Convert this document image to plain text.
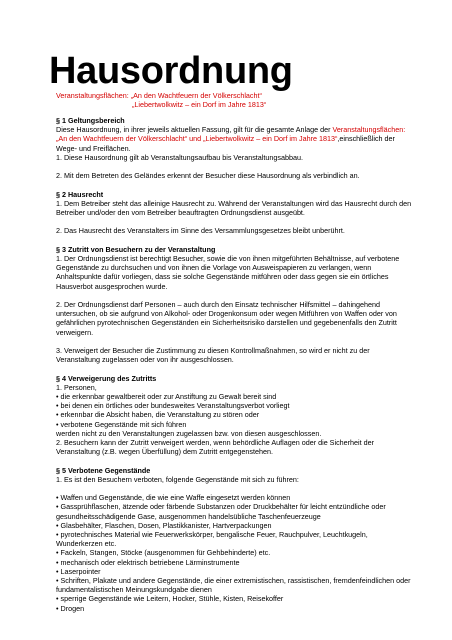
Hausordnung
Veranstaltungsflächen: „An den Wachtfeuern der Völkerschlacht“
„Liebertwolkwitz – ein Dorf im Jahre 1813“

§ 1 Geltungsbereich

Diese Hausordnung, in ihrer jeweils aktuellen Fassung, gilt für die gesamte Anlage der Veranstaltungsflächen: „An den Wachtfeuern der Völkerschlacht“ und „Liebertwolkwitz – ein Dorf im Jahre 1813“,einschließlich der Wege- und Freiflächen.

1. Diese Hausordnung gilt ab Veranstaltungsaufbau bis Veranstaltungsabbau.

2. Mit dem Betreten des Geländes erkennt der Besucher diese Hausordnung als verbindlich an.

§ 2 Hausrecht

1. Dem Betreiber steht das alleinige Hausrecht zu. Während der Veranstaltungen wird das Hausrecht durch den Betreiber und/oder den vom Betreiber beauftragten Ordnungsdienst ausgeübt.

2. Das Hausrecht des Veranstalters im Sinne des Versammlungsgesetzes bleibt unberührt.

§ 3 Zutritt von Besuchern zu der Veranstaltung

1. Der Ordnungsdienst ist berechtigt Besucher, sowie die von ihnen mitgeführten Behältnisse, auf verbotene Gegenstände zu durchsuchen und von ihnen die Vorlage von Ausweispapieren zu verlangen, wenn Anhaltspunkte dafür vorliegen, dass sie solche Gegenstände mitführen oder dass gegen sie ein örtliches Hausverbot ausgesprochen wurde.

2. Der Ordnungsdienst darf Personen – auch durch den Einsatz technischer Hilfsmittel – dahingehend untersuchen, ob sie aufgrund von Alkohol- oder Drogenkonsum oder wegen Mitführen von Waffen oder von gefährlichen pyrotechnischen Gegenständen ein Sicherheitsrisiko darstellen und gegebenenfalls den Zutritt verweigern.

3. Verweigert der Besucher die Zustimmung zu diesen Kontrollmaßnahmen, so wird er nicht zu der Veranstaltung zugelassen oder von ihr ausgeschlossen.

§ 4 Verweigerung des Zutritts

1. Personen,

• die erkennbar gewaltbereit oder zur Anstiftung zu Gewalt bereit sind

• bei denen ein örtliches oder bundesweites Veranstaltungsverbot vorliegt

• erkennbar die Absicht haben, die Veranstaltung zu stören oder

• verbotene Gegenstände mit sich führen

werden nicht zu den Veranstaltungen zugelassen bzw. von diesen ausgeschlossen.

2. Besuchern kann der Zutritt verweigert werden, wenn behördliche Auflagen oder die Sicherheit der Veranstaltung (z.B. wegen Überfüllung) dem Zutritt entgegenstehen.

§ 5 Verbotene Gegenstände

1. Es ist den Besuchern verboten, folgende Gegenstände mit sich zu führen:

• Waffen und Gegenstände, die wie eine Waffe eingesetzt werden können

• Gassprühflaschen, ätzende oder färbende Substanzen oder Druckbehälter für leicht entzündliche oder gesundheitsschädigende Gase, ausgenommen handelsübliche Taschenfeuerzeuge

• Glasbehälter, Flaschen, Dosen, Plastikkanister, Hartverpackungen

• pyrotechnisches Material wie Feuerwerkskörper, bengalische Feuer, Rauchpulver, Leuchtkugeln, Wunderkerzen etc.

• Fackeln, Stangen, Stöcke (ausgenommen für Gehbehinderte) etc.

• mechanisch oder elektrisch betriebene Lärminstrumente

• Laserpointer

• Schriften, Plakate und andere Gegenstände, die einer extremistischen, rassistischen, fremdenfeindlichen oder fundamentalistischen Meinungskundgabe dienen

• sperrige Gegenstände wie Leitern, Hocker, Stühle, Kisten, Reisekoffer

• Drogen
